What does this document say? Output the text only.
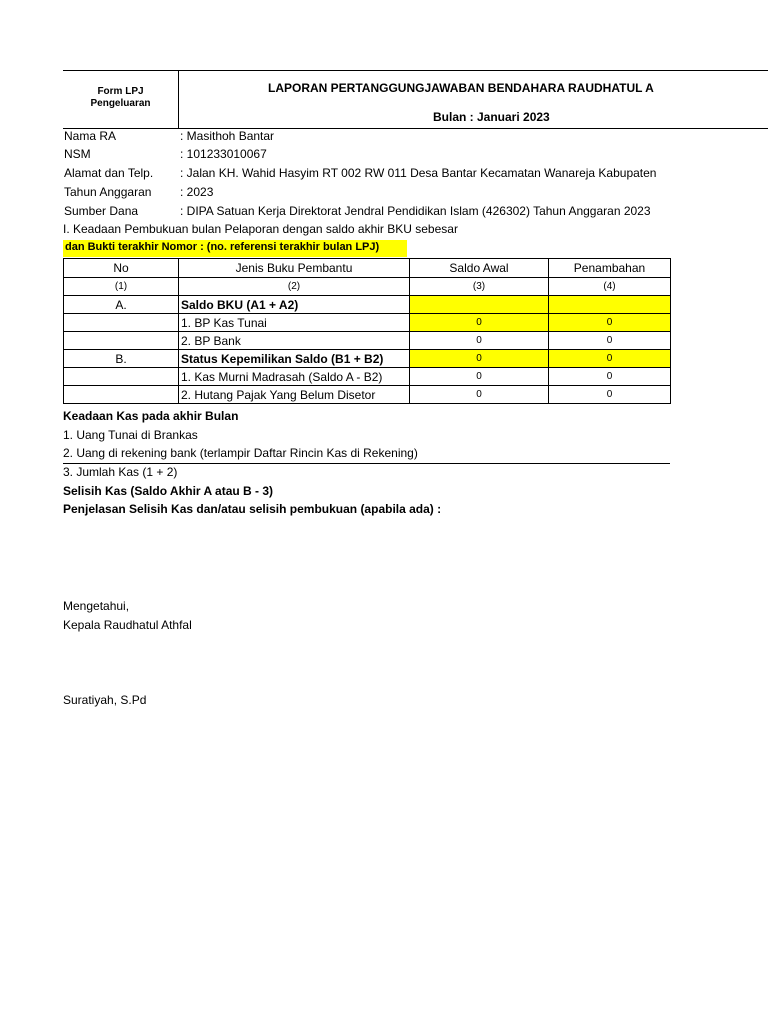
Form LPJ
Pengeluaran
LAPORAN PERTANGGUNGJAWABAN BENDAHARA RAUDHATUL A
Bulan : Januari 2023
Nama RA	: Masithoh Bantar
NSM	: 101233010067
Alamat dan Telp. : Jalan KH. Wahid Hasyim RT 002 RW 011 Desa Bantar Kecamatan Wanareja Kabupaten
Tahun Anggaran : 2023
Sumber Dana	: DIPA Satuan Kerja Direktorat Jendral Pendidikan Islam (426302) Tahun Anggaran 2023
I. Keadaan Pembukuan bulan Pelaporan dengan saldo akhir BKU sebesar
dan Bukti terakhir Nomor : (no. referensi terakhir bulan LPJ)
No	Jenis Buku Pembantu	Saldo Awal	Penambahan
(1)	(2)	(3)	(4)
A.	Saldo BKU (A1 + A2)		
	1. BP Kas Tunai	0	0
	2. BP Bank	0	0
B.	Status Kepemilikan Saldo (B1 + B2)	0	0
	1. Kas Murni Madrasah (Saldo A - B2)	0	0
	2. Hutang Pajak Yang Belum Disetor	0	0
Keadaan Kas pada akhir Bulan
1. Uang Tunai di Brankas
2. Uang di rekening bank (terlampir Daftar Rincin Kas di Rekening)
3. Jumlah Kas (1 + 2)
Selisih Kas (Saldo Akhir A atau B - 3)
Penjelasan Selisih Kas dan/atau selisih pembukuan (apabila ada) :
Mengetahui,
Kepala Raudhatul Athfal
Suratiyah, S.Pd
